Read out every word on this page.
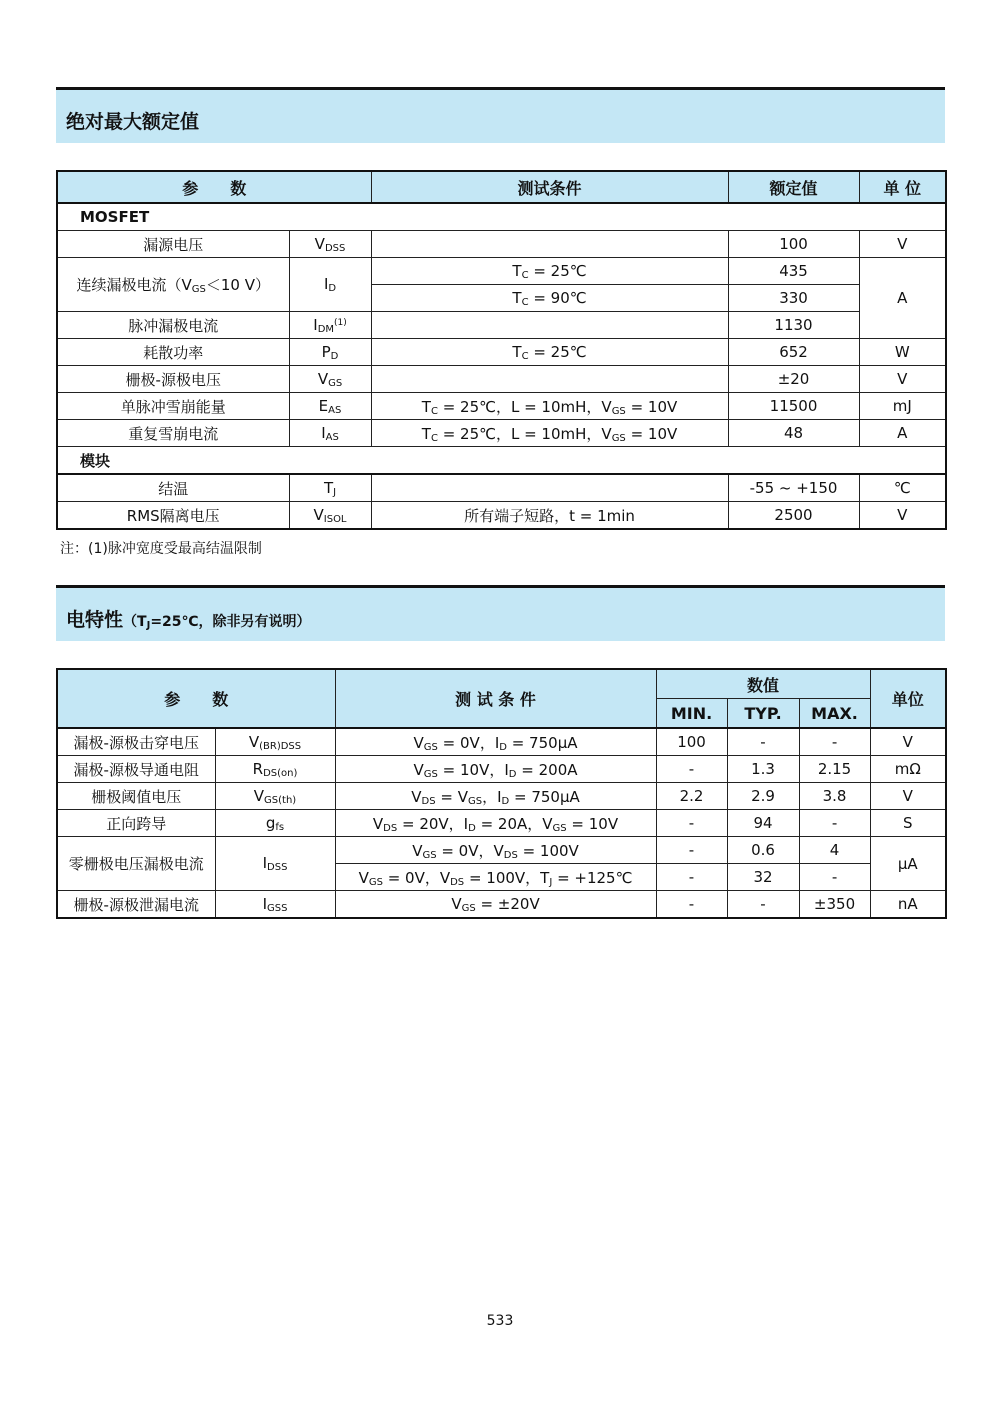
绝对最大额定值
参　　数		测试条件	额定值	单 位
MOSFET				
漏源电压	$V_{DSS}$		100	V
连续漏极电流（$V_{GS}<10$ V）	$I_D$	$T_C$ = 25℃	435	A
		$T_C$ = 90℃	330	
脉冲漏极电流	$I_{DM}^{(1)}$		1130	
耗散功率	$P_D$	$T_C$ = 25℃	652	W
栅极-源极电压	$V_{GS}$		±20	V
单脉冲雪崩能量	$E_{AS}$	$T_C$ = 25℃，L = 10mH，$V_{GS} = 10V$	11500	mJ
重复雪崩电流	$I_{AS}$	$T_C$ = 25℃，L = 10mH，$V_{GS} = 10V$	48	A
模块				
结温	$T_J$		-55 ~ +150	℃
RMS隔离电压	$V_{ISOL}$	所有端子短路，t = 1min	2500	V
注：(1)脉冲宽度受最高结温限制
电特性（$T_J=25℃$，除非另有说明）
参　　数		测 试 条 件	数值			单位
			MIN.	TYP.	MAX.	
漏极-源极击穿电压	$V_{(BR)DSS}$	$V_{GS} = 0V$，$I_D = 750\mu A$	100	-	-	V
漏极-源极导通电阻	$R_{DS(on)}$	$V_{GS} = 10V$，$I_D = 200A$	-	1.3	2.15	mΩ
栅极阈值电压	$V_{GS(th)}$	$V_{DS} = V_{GS}$，$I_D = 750\mu A$	2.2	2.9	3.8	V
正向跨导	$g_{fs}$	$V_{DS} = 20V$，$I_D = 20A$，$V_{GS} = 10V$	-	94	-	S
零栅极电压漏极电流	$I_{DSS}$	$V_{GS} = 0V$，$V_{DS} = 100V$	-	0.6	4	μA
		$V_{GS} = 0V$，$V_{DS} = 100V$，$T_J$ = +125℃	-	32	-	
栅极-源极泄漏电流	$I_{GSS}$	$V_{GS} = \pm 20V$	-	-	±350	nA
533
